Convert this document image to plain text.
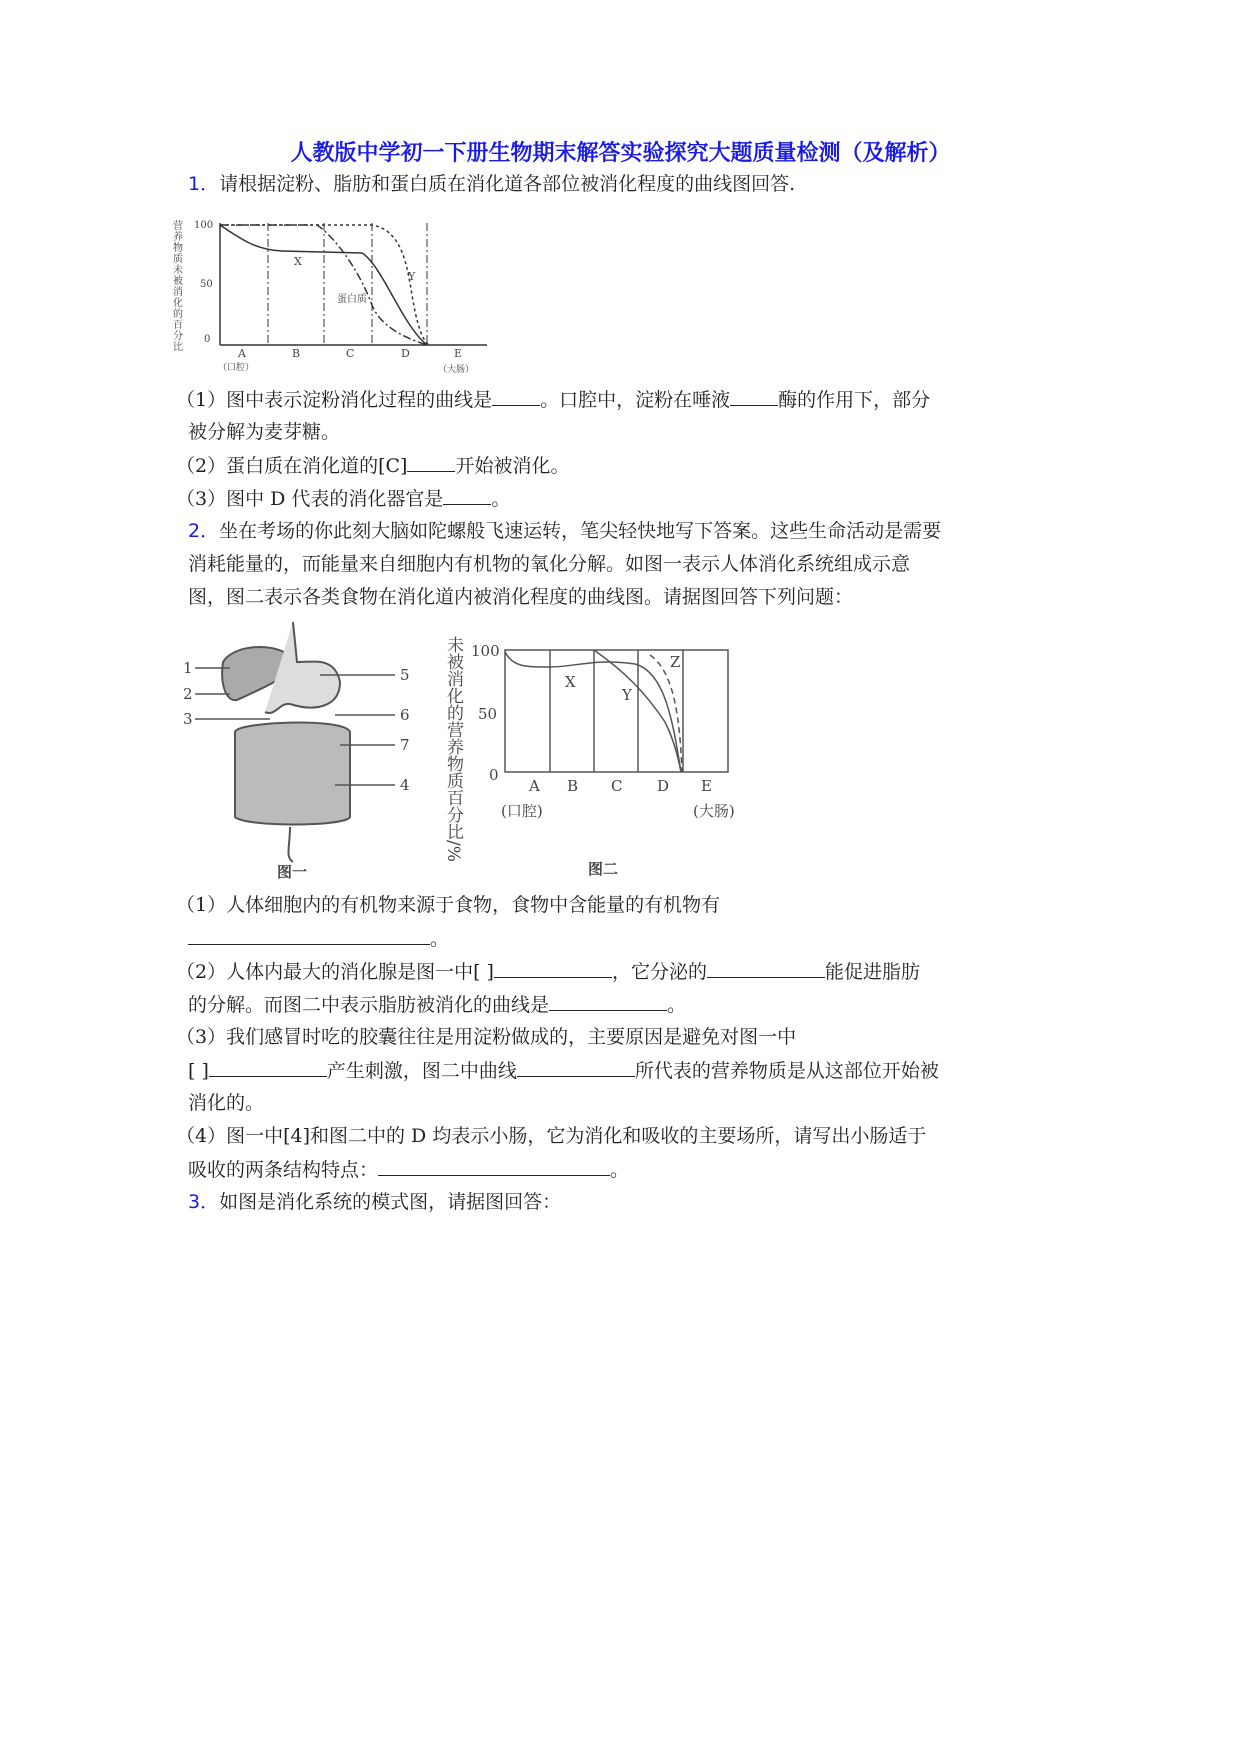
人教版中学初一下册生物期末解答实验探究大题质量检测（及解析）
1．请根据淀粉、脂肪和蛋白质在消化道各部位被消化程度的曲线图回答.
营养物质未被消化的百分比 100
50
0
X
Y
蛋白质
A	B	C	D	E
（口腔）	（大肠）
（1）图中表示淀粉消化过程的曲线是	。口腔中，淀粉在唾液	酶的作用下，部分
被分解为麦芽糖。
（2）蛋白质在消化道的[C]	开始被消化。
（3）图中 D 代表的消化器官是	。
2．坐在考场的你此刻大脑如陀螺般飞速运转，笔尖轻快地写下答案。这些生命活动是需要
消耗能量的，而能量来自细胞内有机物的氧化分解。如图一表示人体消化系统组成示意
图，图二表示各类食物在消化道内被消化程度的曲线图。请据图回答下列问题：
1
2
3
5
6
7
4
图一
未被消化的营养物质百分比/% 100
50
0
X
Y
Z
A B C D E
(口腔)	(大肠)
图二
（1）人体细胞内的有机物来源于食物，食物中含能量的有机物有
。
（2）人体内最大的消化腺是图一中[ ]	，它分泌的	能促进脂肪
的分解。而图二中表示脂肪被消化的曲线是	。
（3）我们感冒时吃的胶囊往往是用淀粉做成的，主要原因是避免对图一中
[ ]	产生刺激，图二中曲线	所代表的营养物质是从这部位开始被
消化的。
（4）图一中[4]和图二中的 D 均表示小肠，它为消化和吸收的主要场所，请写出小肠适于
吸收的两条结构特点：	。
3．如图是消化系统的模式图，请据图回答：
